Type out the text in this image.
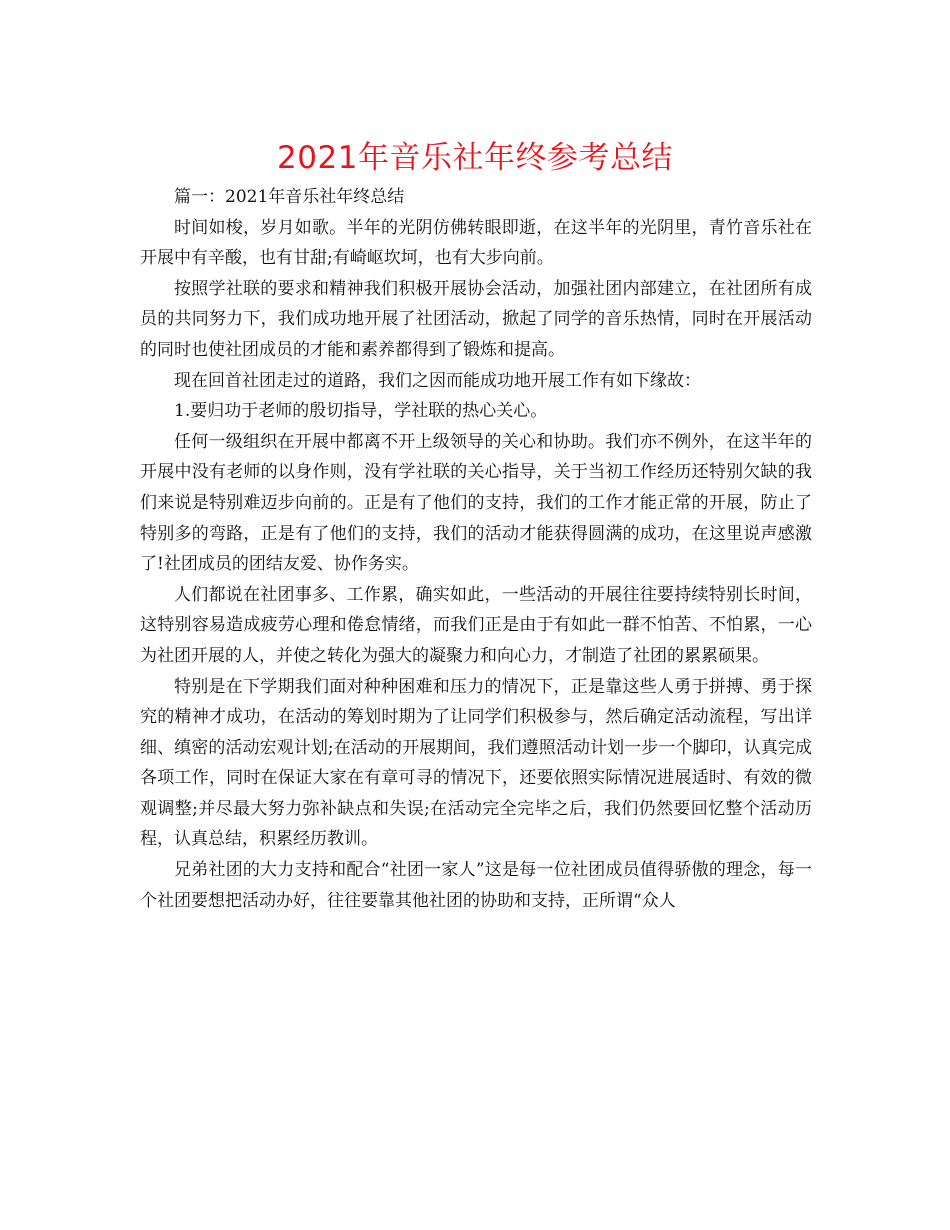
2021年音乐社年终参考总结

篇一：2021年音乐社年终总结

时间如梭，岁月如歌。半年的光阴仿佛转眼即逝，在这半年的光阴里，青竹音乐社在开展中有辛酸，也有甘甜;有崎岖坎坷，也有大步向前。

按照学社联的要求和精神我们积极开展协会活动，加强社团内部建立，在社团所有成员的共同努力下，我们成功地开展了社团活动，掀起了同学的音乐热情，同时在开展活动的同时也使社团成员的才能和素养都得到了锻炼和提高。

现在回首社团走过的道路，我们之因而能成功地开展工作有如下缘故：

1.要归功于老师的殷切指导，学社联的热心关心。

任何一级组织在开展中都离不开上级领导的关心和协助。我们亦不例外，在这半年的开展中没有老师的以身作则，没有学社联的关心指导，关于当初工作经历还特别欠缺的我们来说是特别难迈步向前的。正是有了他们的支持，我们的工作才能正常的开展，防止了特别多的弯路，正是有了他们的支持，我们的活动才能获得圆满的成功，在这里说声感激了!社团成员的团结友爱、协作务实。

人们都说在社团事多、工作累，确实如此，一些活动的开展往往要持续特别长时间，这特别容易造成疲劳心理和倦怠情绪，而我们正是由于有如此一群不怕苦、不怕累，一心为社团开展的人，并使之转化为强大的凝聚力和向心力，才制造了社团的累累硕果。

特别是在下学期我们面对种种困难和压力的情况下，正是靠这些人勇于拼搏、勇于探究的精神才成功，在活动的筹划时期为了让同学们积极参与，然后确定活动流程，写出详细、缜密的活动宏观计划;在活动的开展期间，我们遵照活动计划一步一个脚印，认真完成各项工作，同时在保证大家在有章可寻的情况下，还要依照实际情况进展适时、有效的微观调整;并尽最大努力弥补缺点和失误;在活动完全完毕之后，我们仍然要回忆整个活动历程，认真总结，积累经历教训。

兄弟社团的大力支持和配合“社团一家人”这是每一位社团成员值得骄傲的理念，每一个社团要想把活动办好，往往要靠其他社团的协助和支持，正所谓“众人
